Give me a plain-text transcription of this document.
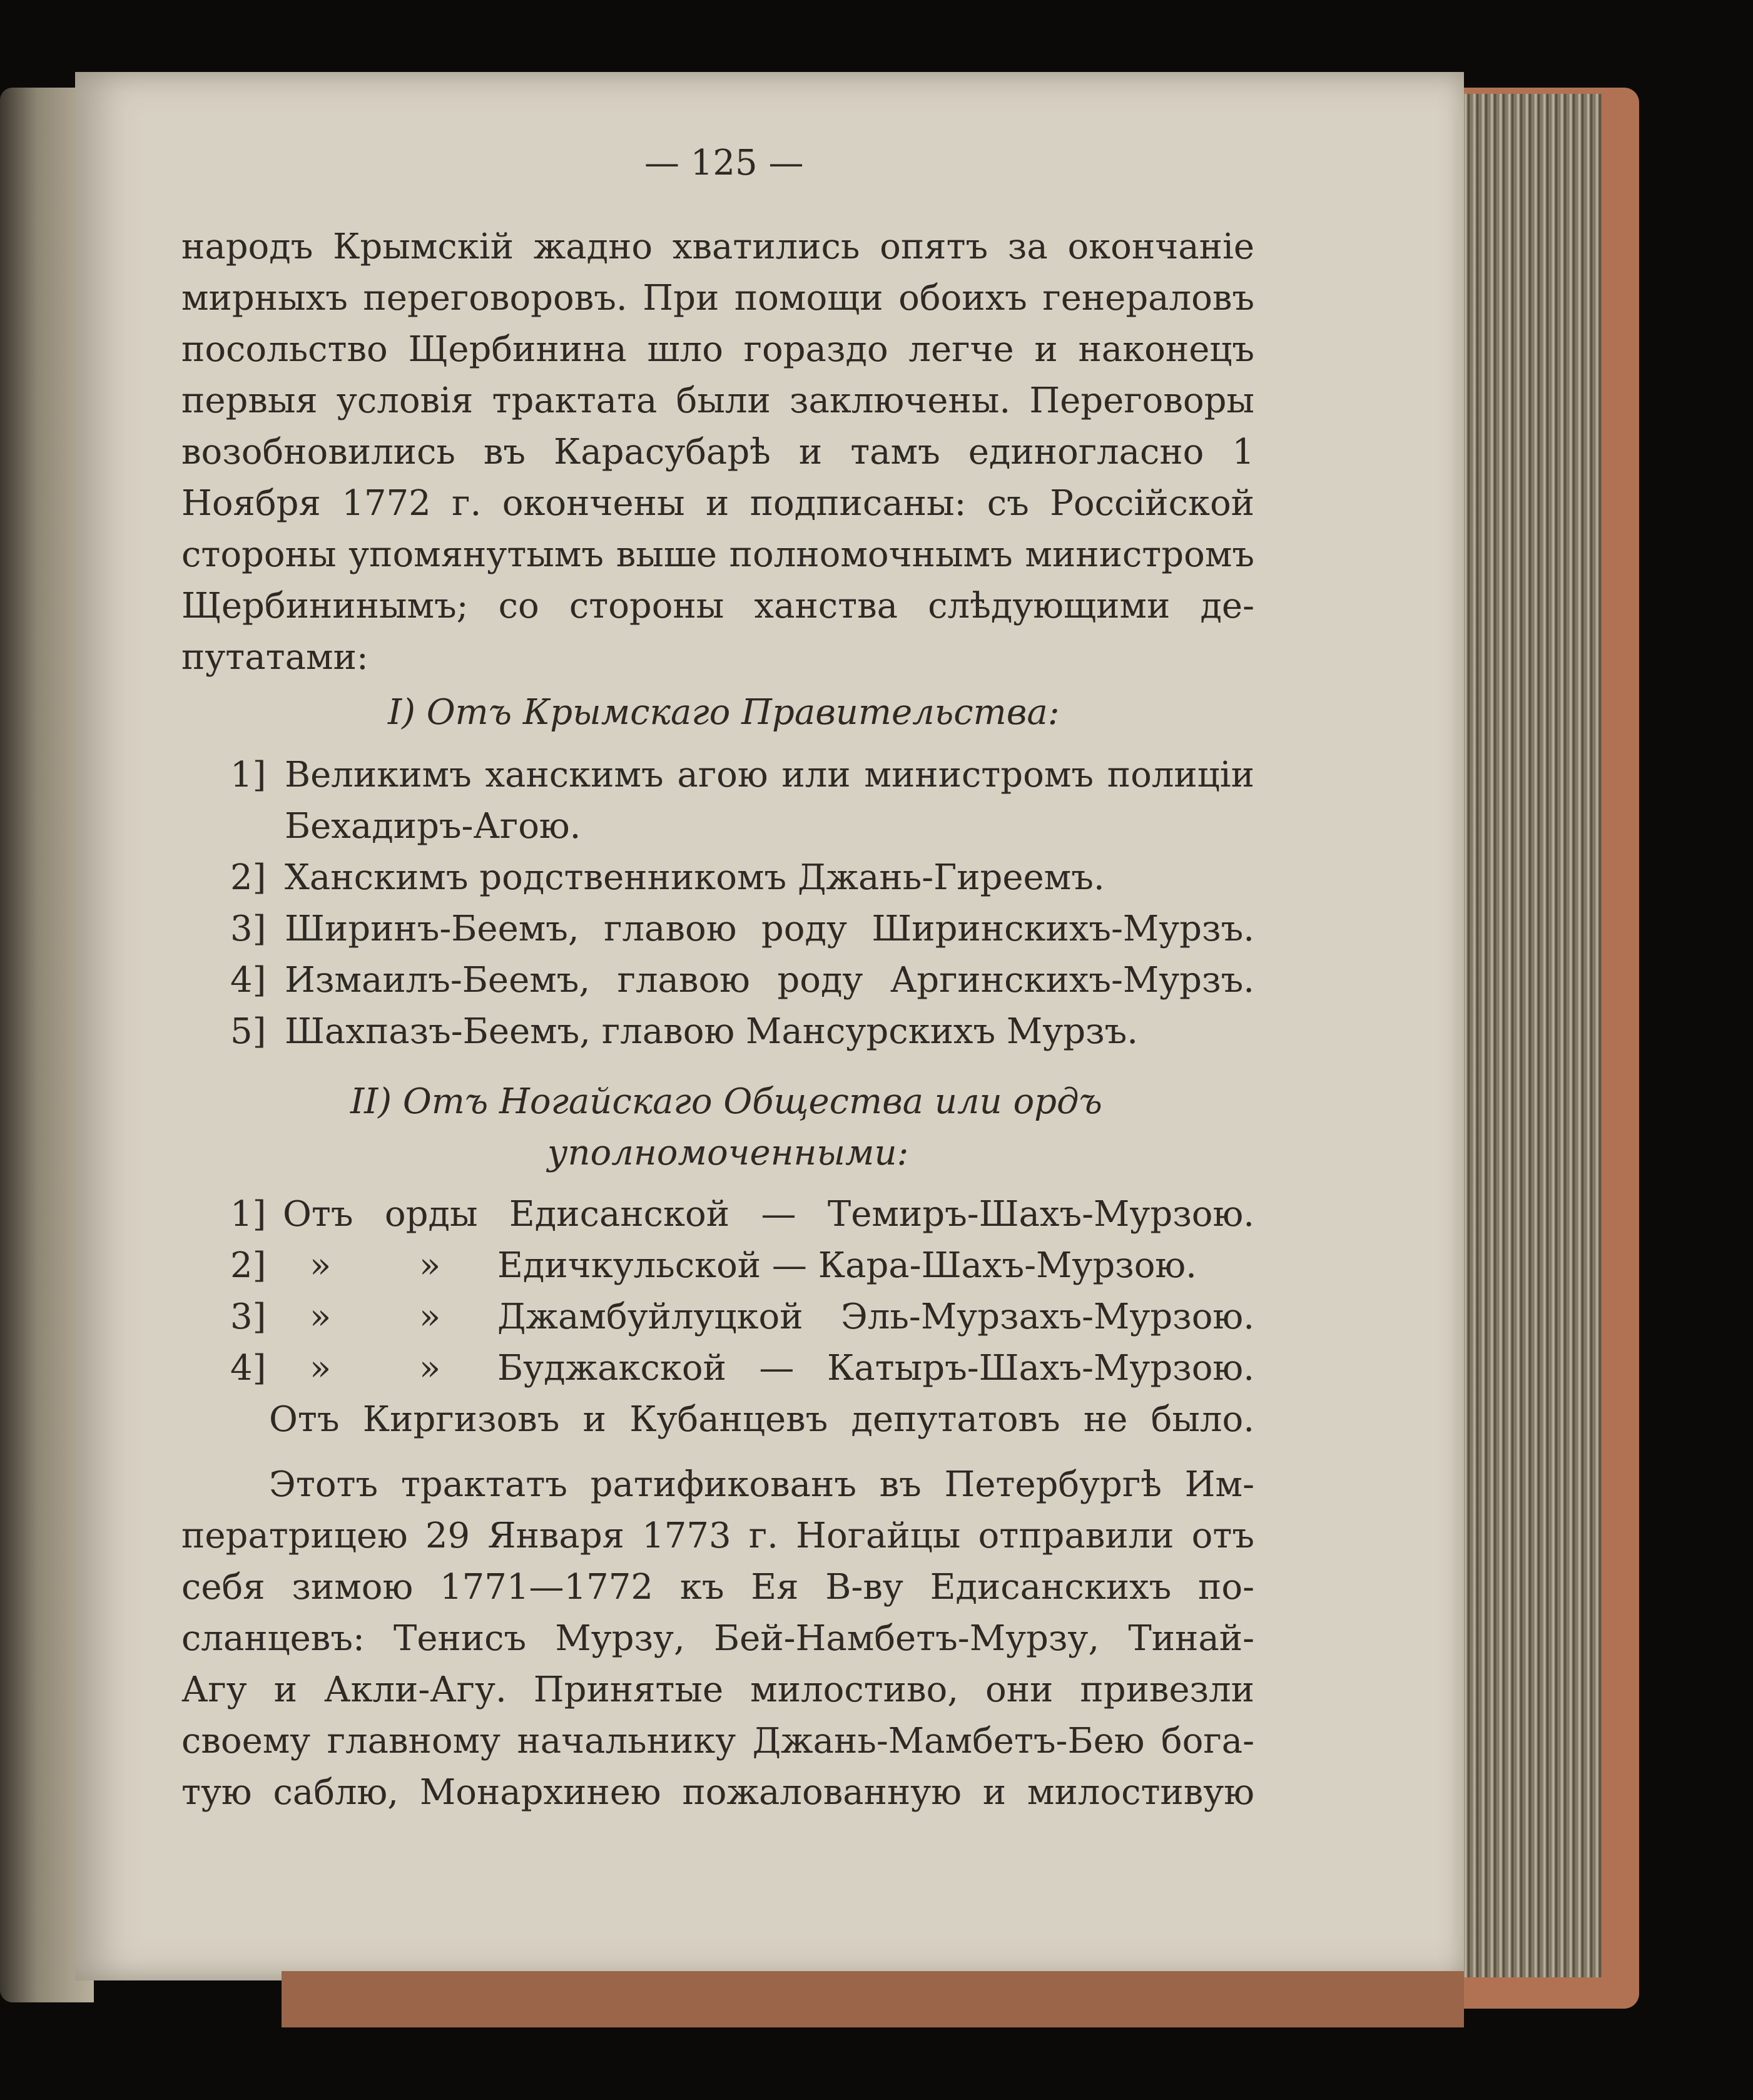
— 125 —
народъ Крымскій жадно хватились опятъ за окончаніе
мирныхъ переговоровъ. При помощи обоихъ генераловъ
посольство Щербинина шло гораздо легче и наконецъ
первыя условія трактата были заключены. Переговоры
возобновились въ Карасубарѣ и тамъ единогласно 1
Ноября 1772 г. окончены и подписаны: съ Россійской
стороны упомянутымъ выше полномочнымъ министромъ
Щербининымъ; со стороны ханства слѣдующими де-
путатами:
I) Отъ Крымскаго Правительства:
1] Великимъ ханскимъ агою или министромъ полиціи
Бехадиръ-Агою.
2] Ханскимъ родственникомъ Джань-Гиреемъ.
3] Ширинъ-Беемъ, главою роду Ширинскихъ-Мурзъ.
4] Измаилъ-Беемъ, главою роду Аргинскихъ-Мурзъ.
5] Шахпазъ-Беемъ, главою Мансурскихъ Мурзъ.
II) Отъ Ногайскаго Общества или ордъ
уполномоченными:
1] Отъ орды Едисанской — Темиръ-Шахъ-Мурзою.
2] »	» Едичкульской — Кара-Шахъ-Мурзою.
3] »	» Джамбуйлуцкой Эль-Мурзахъ-Мурзою.
4] »	» Буджакской — Катыръ-Шахъ-Мурзою.
Отъ Киргизовъ и Кубанцевъ депутатовъ не было.
Этотъ трактатъ ратификованъ въ Петербургѣ Им-
ператрицею 29 Января 1773 г. Ногайцы отправили отъ
себя зимою 1771—1772 къ Ея В-ву Едисанскихъ по-
сланцевъ: Тенисъ Мурзу, Бей-Намбетъ-Мурзу, Тинай-
Агу и Акли-Агу. Принятые милостиво, они привезли
своему главному начальнику Джань-Мамбетъ-Бею бога-
тую саблю, Монархинею пожалованную и милостивую
